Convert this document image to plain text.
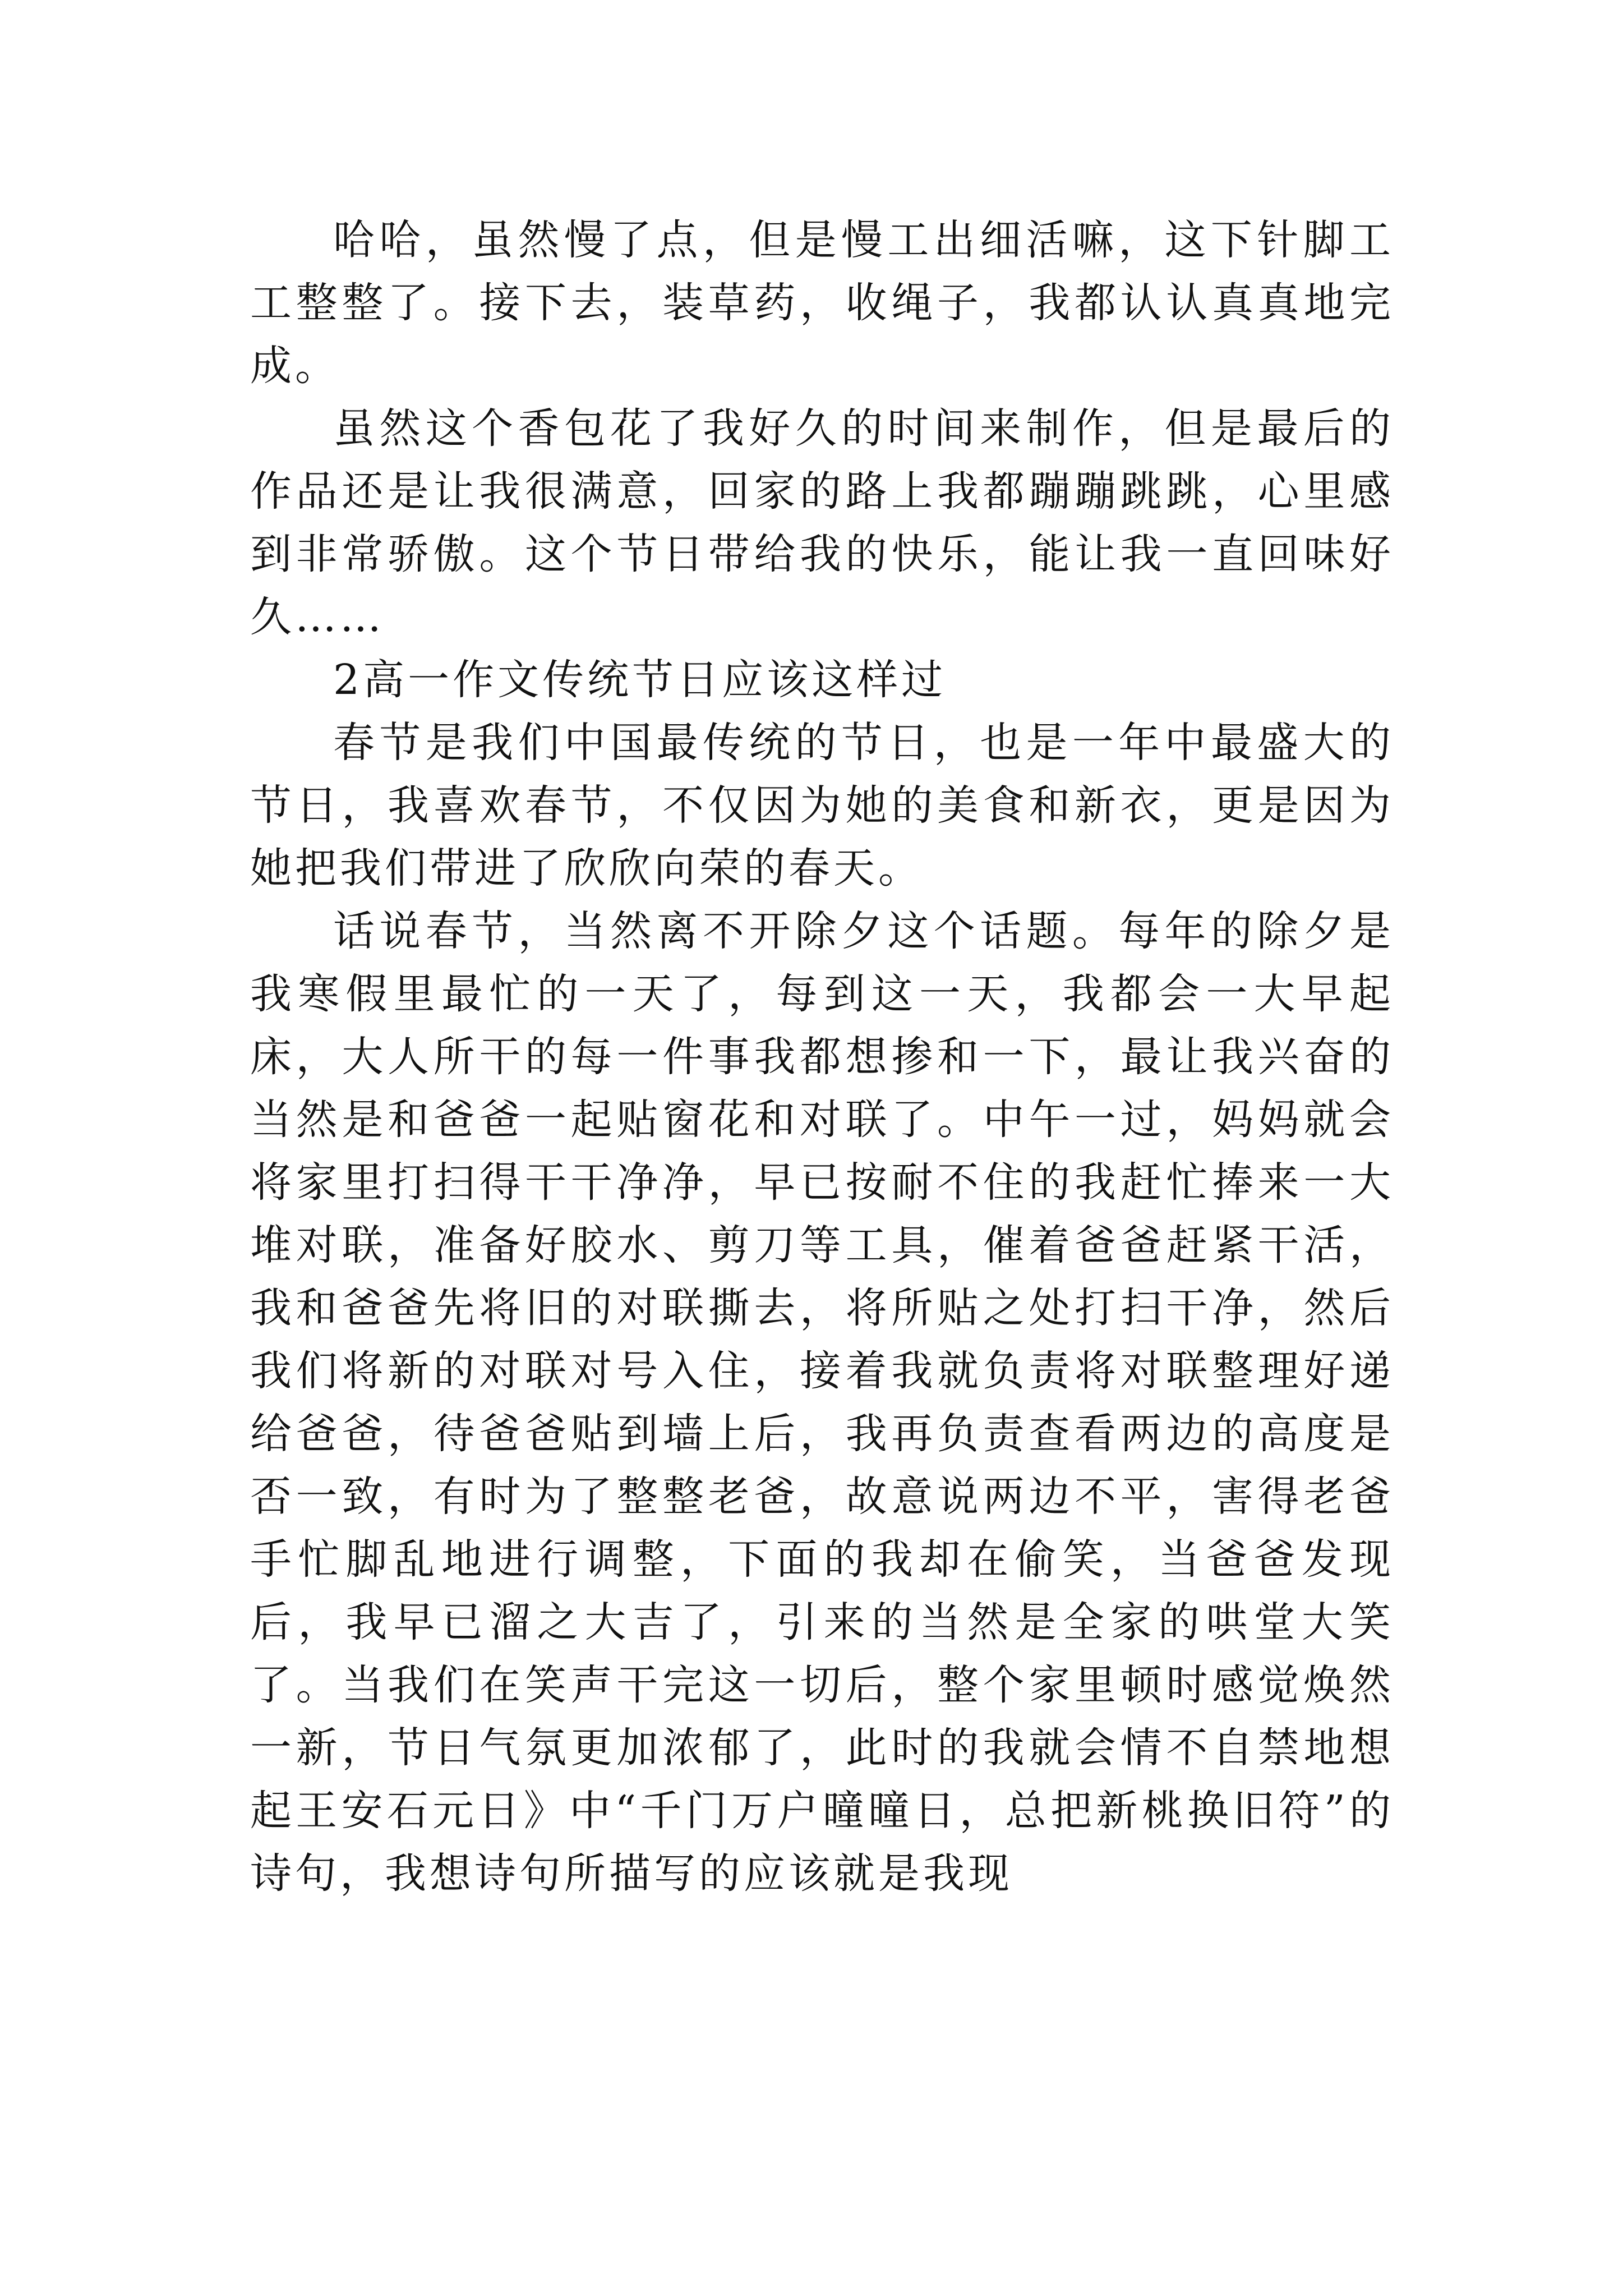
哈哈，虽然慢了点，但是慢工出细活嘛，这下针脚工工整整了。接下去，装草药，收绳子，我都认认真真地完成。

虽然这个香包花了我好久的时间来制作，但是最后的作品还是让我很满意，回家的路上我都蹦蹦跳跳，心里感到非常骄傲。这个节日带给我的快乐，能让我一直回味好久……

2高一作文传统节日应该这样过

春节是我们中国最传统的节日，也是一年中最盛大的节日，我喜欢春节，不仅因为她的美食和新衣，更是因为她把我们带进了欣欣向荣的春天。

话说春节，当然离不开除夕这个话题。每年的除夕是我寒假里最忙的一天了，每到这一天，我都会一大早起床，大人所干的每一件事我都想掺和一下，最让我兴奋的当然是和爸爸一起贴窗花和对联了。中午一过，妈妈就会将家里打扫得干干净净，早已按耐不住的我赶忙捧来一大堆对联，准备好胶水、剪刀等工具，催着爸爸赶紧干活，我和爸爸先将旧的对联撕去，将所贴之处打扫干净，然后我们将新的对联对号入住，接着我就负责将对联整理好递给爸爸，待爸爸贴到墙上后，我再负责查看两边的高度是否一致，有时为了整整老爸，故意说两边不平，害得老爸手忙脚乱地进行调整，下面的我却在偷笑，当爸爸发现后，我早已溜之大吉了，引来的当然是全家的哄堂大笑了。当我们在笑声干完这一切后，整个家里顿时感觉焕然一新，节日气氛更加浓郁了，此时的我就会情不自禁地想起王安石元日》中“千门万户曈曈日，总把新桃换旧符”的诗句，我想诗句所描写的应该就是我现
